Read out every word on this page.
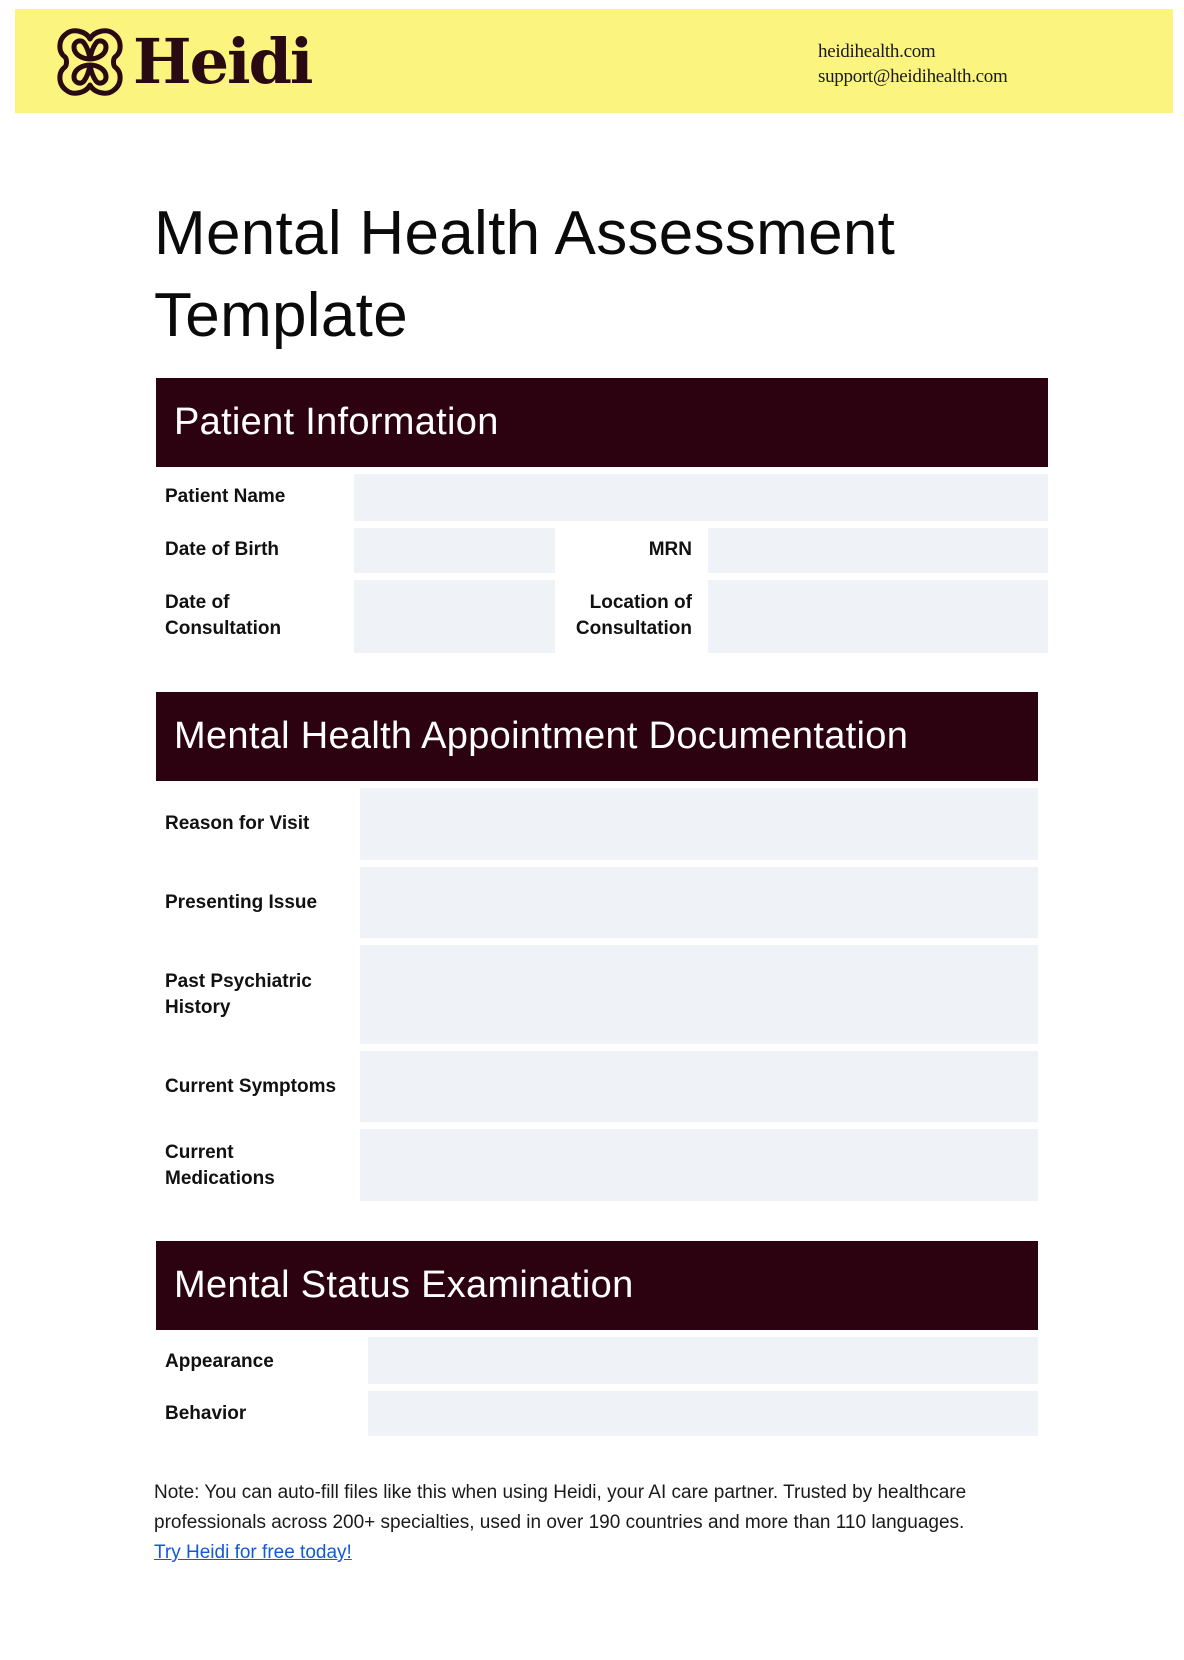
Heidi	heidihealth.com
support@heidihealth.com
Mental Health Assessment
Template
Patient Information
Patient Name
Date of Birth	MRN
Date of
Consultation
Location of
Consultation
Mental Health Appointment Documentation
Reason for Visit
Presenting Issue
Past Psychiatric
History
Current Symptoms
Current
Medications
Mental Status Examination
Appearance
Behavior
Note: You can auto-fill files like this when using Heidi, your AI care partner. Trusted by healthcare
professionals across 200+ specialties, used in over 190 countries and more than 110 languages.
Try Heidi for free today!
